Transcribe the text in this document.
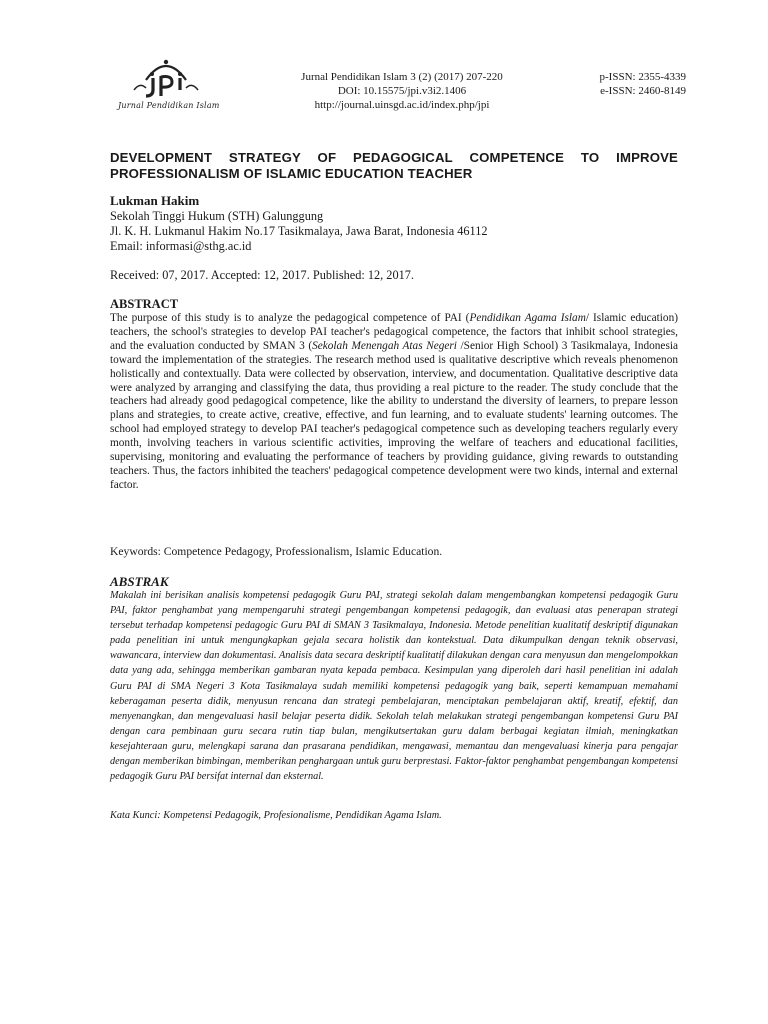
Jurnal Pendidikan Islam
Jurnal Pendidikan Islam 3 (2) (2017) 207-220
DOI: 10.15575/jpi.v3i2.1406
http://journal.uinsgd.ac.id/index.php/jpi
p-ISSN: 2355-4339
e-ISSN: 2460-8149
DEVELOPMENT STRATEGY OF PEDAGOGICAL COMPETENCE TO IMPROVE PROFESSIONALISM OF ISLAMIC EDUCATION TEACHER
Lukman Hakim
Sekolah Tinggi Hukum (STH) Galunggung
Jl. K. H. Lukmanul Hakim No.17 Tasikmalaya, Jawa Barat, Indonesia 46112
Email: informasi@sthg.ac.id
Received: 07, 2017. Accepted: 12, 2017. Published: 12, 2017.
ABSTRACT
The purpose of this study is to analyze the pedagogical competence of PAI (Pendidikan Agama Islam/ Islamic education) teachers, the school's strategies to develop PAI teacher's pedagogical competence, the factors that inhibit school strategies, and the evaluation conducted by SMAN 3 (Sekolah Menengah Atas Negeri /Senior High School) 3 Tasikmalaya, Indonesia toward the implementation of the strategies. The research method used is qualitative descriptive which reveals phenomenon holistically and contextually. Data were collected by observation, interview, and documentation. Qualitative descriptive data were analyzed by arranging and classifying the data, thus providing a real picture to the reader. The study conclude that the teachers had already good pedagogical competence, like the ability to understand the diversity of learners, to prepare lesson plans and strategies, to create active, creative, effective, and fun learning, and to evaluate students' learning outcomes. The school had employed strategy to develop PAI teacher's pedagogical competence such as developing teachers regularly every month, involving teachers in various scientific activities, improving the welfare of teachers and educational facilities, supervising, monitoring and evaluating the performance of teachers by providing guidance, giving rewards to outstanding teachers. Thus, the factors inhibited the teachers' pedagogical competence development were two kinds, internal and external factor.
Keywords: Competence Pedagogy, Professionalism, Islamic Education.
ABSTRAK
Makalah ini berisikan analisis kompetensi pedagogik Guru PAI, strategi sekolah dalam mengembangkan kompetensi pedagogik Guru PAI, faktor penghambat yang mempengaruhi strategi pengembangan kompetensi pedagogik, dan evaluasi atas penerapan strategi tersebut terhadap kompetensi pedagogic Guru PAI di SMAN 3 Tasikmalaya, Indonesia. Metode penelitian kualitatif deskriptif digunakan pada penelitian ini untuk mengungkapkan gejala secara holistik dan kontekstual. Data dikumpulkan dengan teknik observasi, wawancara, interview dan dokumentasi. Analisis data secara deskriptif kualitatif dilakukan dengan cara menyusun dan mengelompokkan data yang ada, sehingga memberikan gambaran nyata kepada pembaca. Kesimpulan yang diperoleh dari hasil penelitian ini adalah Guru PAI di SMA Negeri 3 Kota Tasikmalaya sudah memiliki kompetensi pedagogik yang baik, seperti kemampuan memahami keberagaman peserta didik, menyusun rencana dan strategi pembelajaran, menciptakan pembelajaran aktif, kreatif, efektif, dan menyenangkan, dan mengevaluasi hasil belajar peserta didik. Sekolah telah melakukan strategi pengembangan kompetensi Guru PAI dengan cara pembinaan guru secara rutin tiap bulan, mengikutsertakan guru dalam berbagai kegiatan ilmiah, meningkatkan kesejahteraan guru, melengkapi sarana dan prasarana pendidikan, mengawasi, memantau dan mengevaluasi kinerja para pengajar dengan memberikan bimbingan, memberikan penghargaan untuk guru berprestasi. Faktor-faktor penghambat pengembangan kompetensi pedagogik Guru PAI bersifat internal dan eksternal.
Kata Kunci: Kompetensi Pedagogik, Profesionalisme, Pendidikan Agama Islam.
